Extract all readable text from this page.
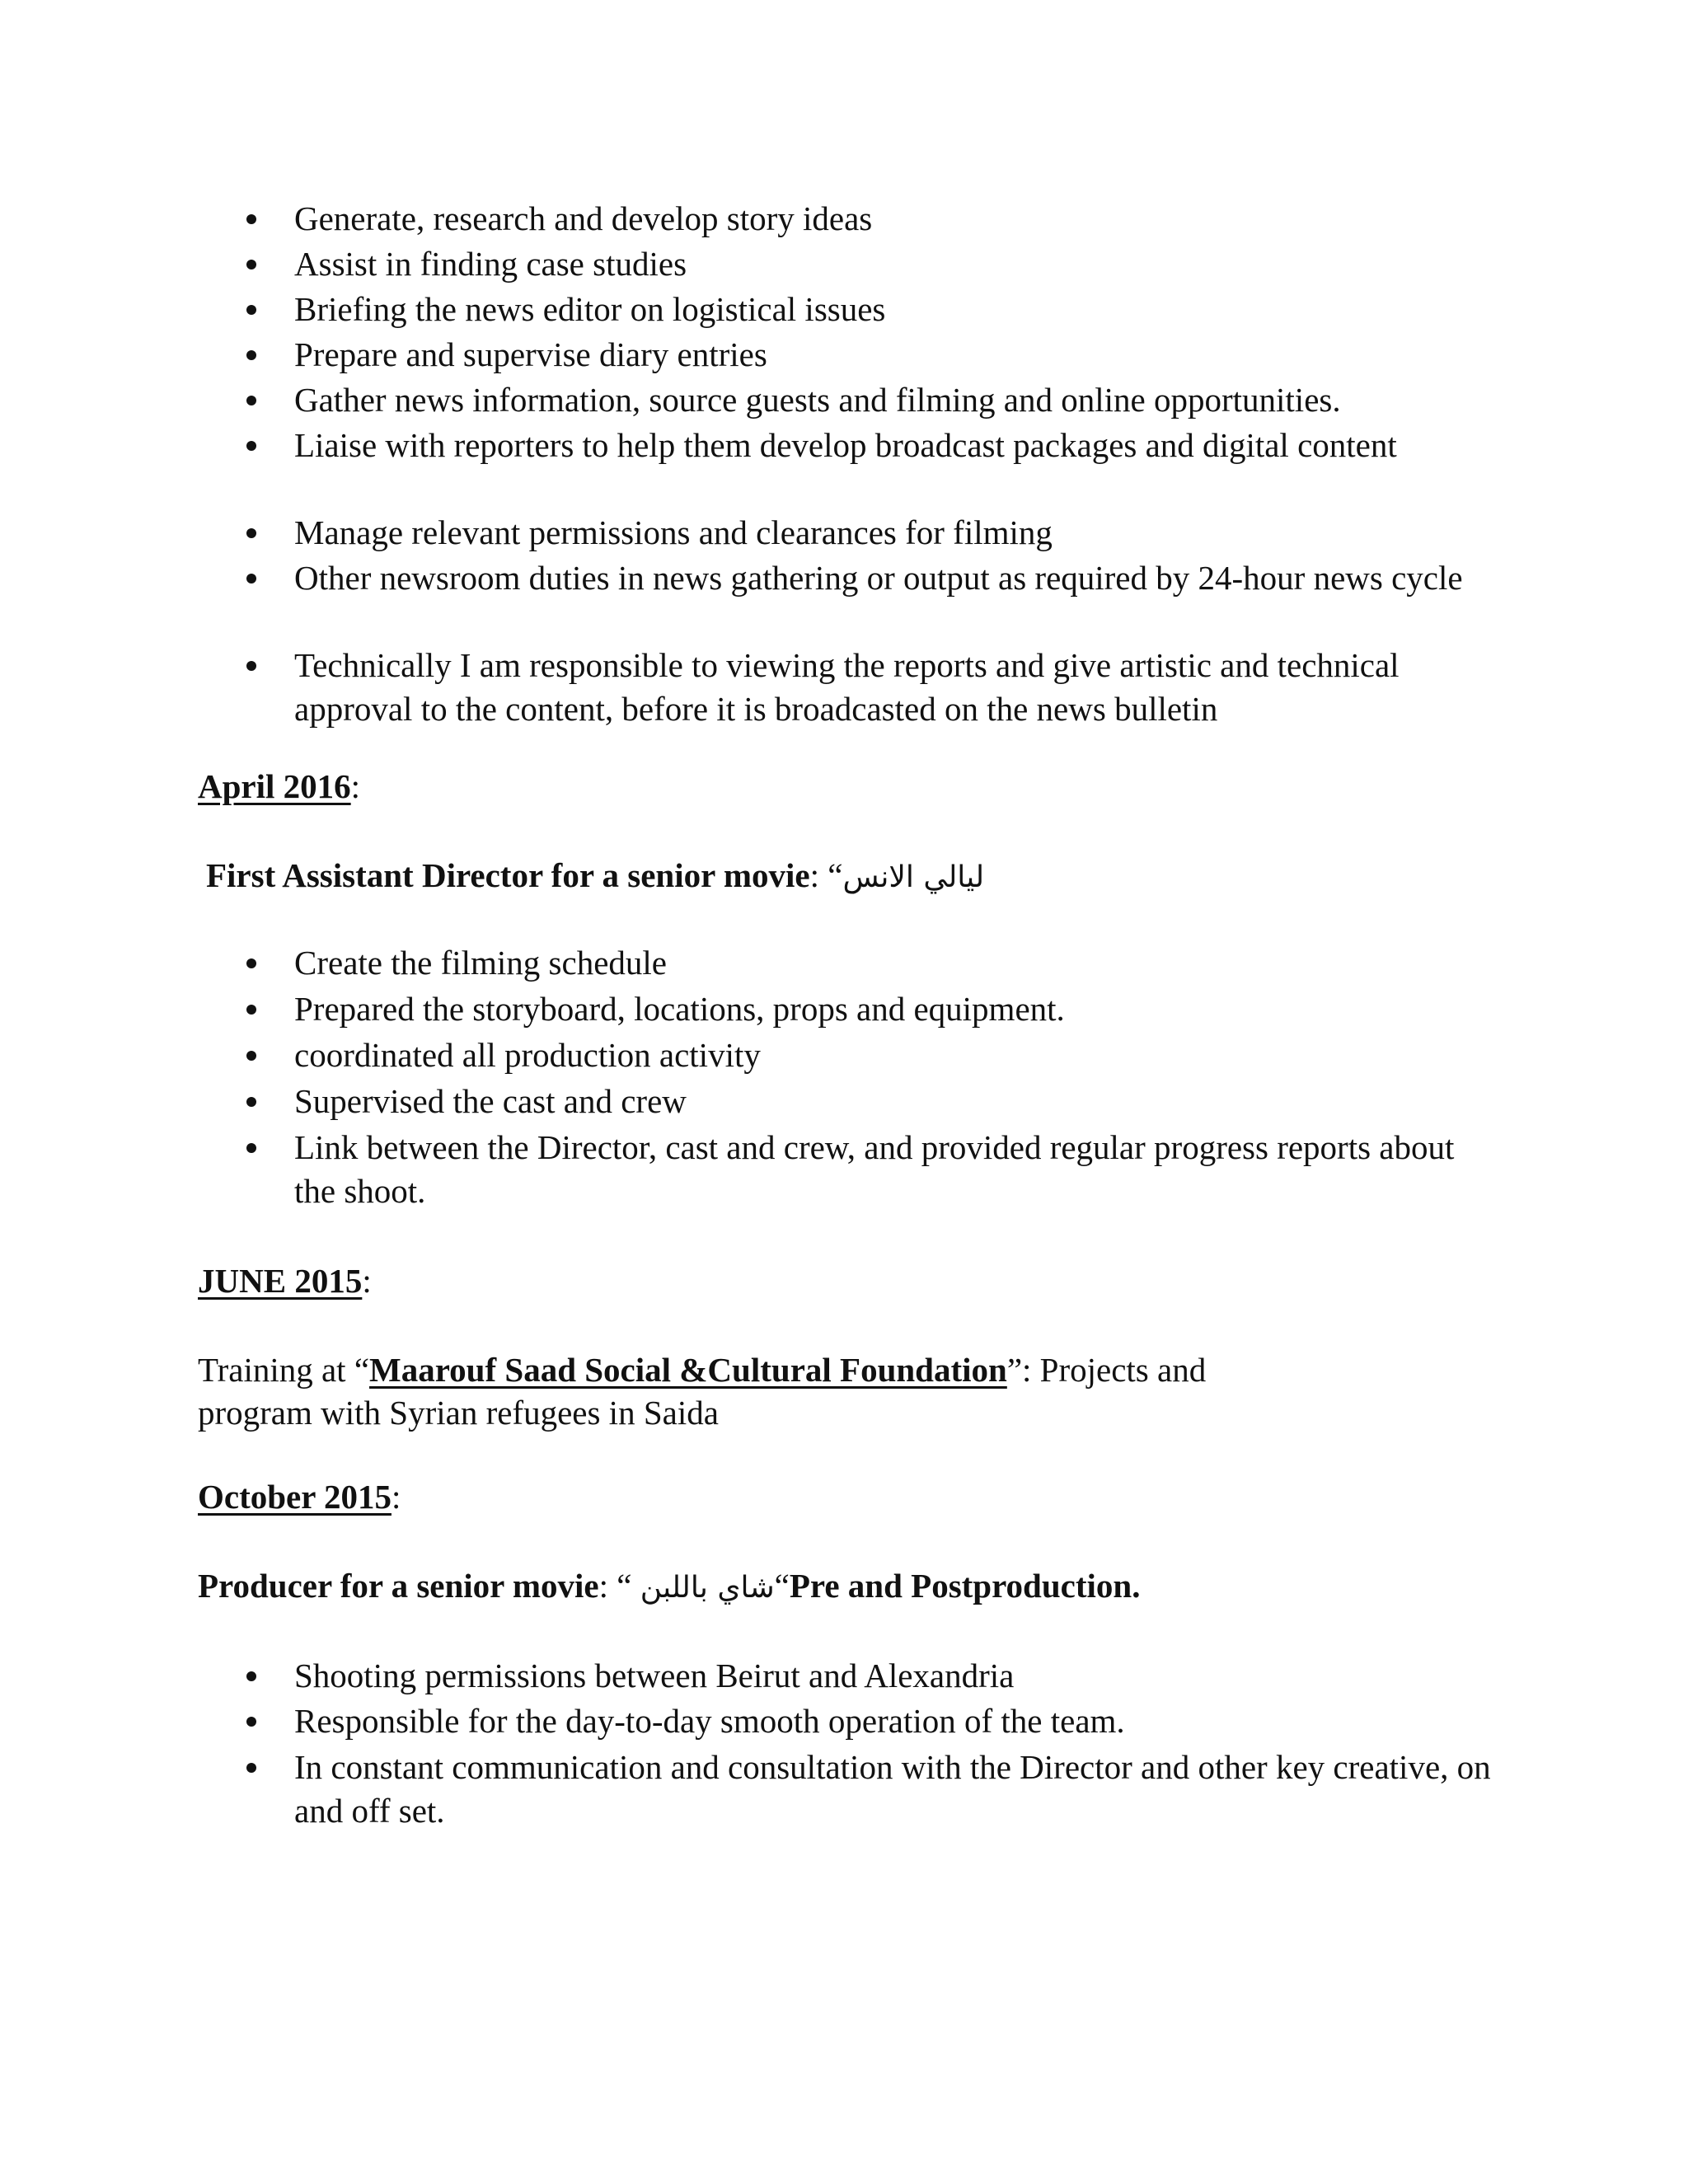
Generate, research and develop story ideas
Assist in finding case studies
Briefing the news editor on logistical issues
Prepare and supervise diary entries
Gather news information, source guests and filming and online opportunities.
Liaise with reporters to help them develop broadcast packages and digital content
Manage relevant permissions and clearances for filming
Other newsroom duties in news gathering or output as required by 24-hour news cycle
Technically I am responsible to viewing the reports and give artistic and technical approval to the content, before it is broadcasted on the news bulletin
April 2016:
First Assistant Director for a senior movie: “ليالي الانس
Create the filming schedule
Prepared the storyboard, locations, props and equipment.
coordinated all production activity
Supervised the cast and crew
Link between the Director, cast and crew, and provided regular progress reports about the shoot.
JUNE 2015:
Training at “Maarouf Saad Social &Cultural Foundation”: Projects and
program with Syrian refugees in Saida
October 2015:
Producer for a senior movie: “ شاي باللبن“Pre and Postproduction.
Shooting permissions between Beirut and Alexandria
Responsible for the day-to-day smooth operation of the team.
In constant communication and consultation with the Director and other key creative, on and off set.
